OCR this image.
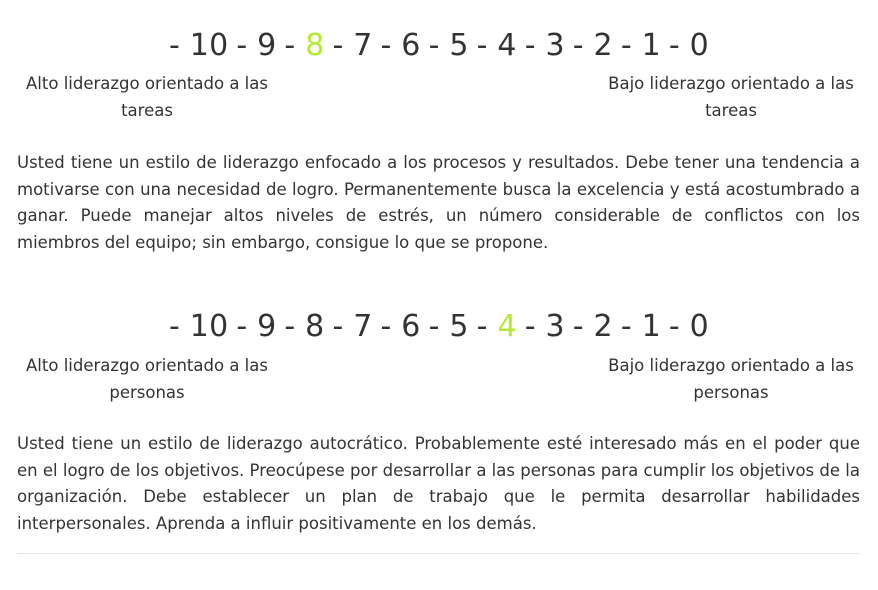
- 10 - 9 - 8 - 7 - 6 - 5 - 4 - 3 - 2 - 1 - 0
Alto liderazgo orientado a las tareas
Bajo liderazgo orientado a las tareas
Usted tiene un estilo de liderazgo enfocado a los procesos y resultados. Debe tener una tendencia a motivarse con una necesidad de logro. Permanentemente busca la excelencia y está acostumbrado a ganar. Puede manejar altos niveles de estrés, un número considerable de conflictos con los miembros del equipo; sin embargo, consigue lo que se propone.
- 10 - 9 - 8 - 7 - 6 - 5 - 4 - 3 - 2 - 1 - 0
Alto liderazgo orientado a las personas
Bajo liderazgo orientado a las personas
Usted tiene un estilo de liderazgo autocrático. Probablemente esté interesado más en el poder que en el logro de los objetivos. Preocúpese por desarrollar a las personas para cumplir los objetivos de la organización. Debe establecer un plan de trabajo que le permita desarrollar habilidades interpersonales. Aprenda a influir positivamente en los demás.
